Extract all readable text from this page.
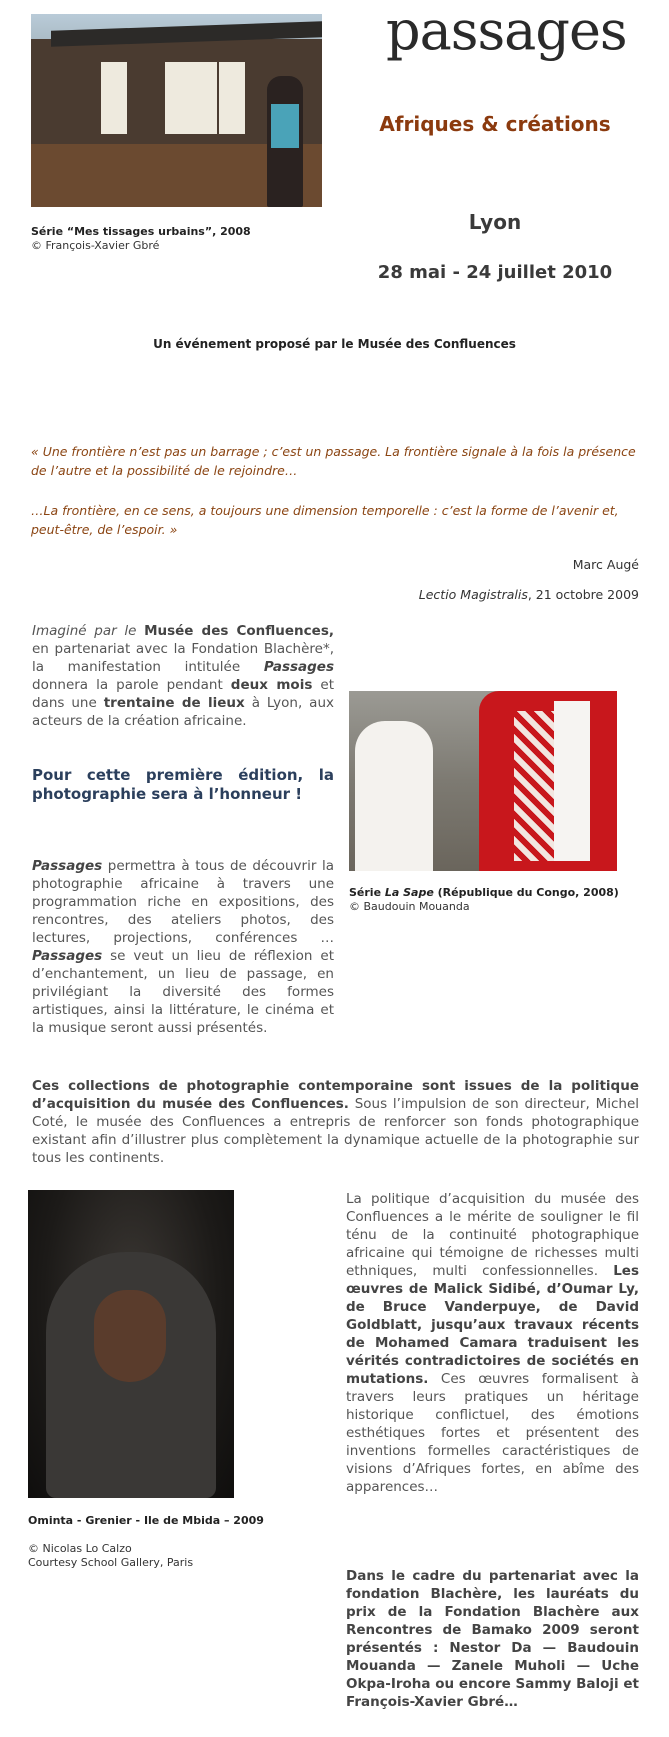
Série “Mes tissages urbains”, 2008
© François-Xavier Gbré
passages
Afriques & créations
Lyon
28 mai - 24 juillet 2010
Un événement proposé par le Musée des Confluences
« Une frontière n’est pas un barrage ; c’est un passage. La frontière signale à la fois la présence de l’autre et la possibilité de le rejoindre…
…La frontière, en ce sens, a toujours une dimension temporelle : c’est la forme de l’avenir et, peut-être, de l’espoir. »
Marc Augé
Lectio Magistralis, 21 octobre 2009
Imaginé par le Musée des Confluences, en partenariat avec la Fondation Blachère*, la manifestation intitulée Passages donnera la parole pendant deux mois et dans une trentaine de lieux à Lyon, aux acteurs de la création africaine.
Pour cette première édition, la photographie sera à l’honneur !
Série La Sape (République du Congo, 2008)
© Baudouin Mouanda
Passages permettra à tous de découvrir la photographie africaine à travers une programmation riche en expositions, des rencontres, des ateliers photos, des lectures, projections, conférences …Passages se veut un lieu de réflexion et d’enchantement, un lieu de passage, en privilégiant la diversité des formes artistiques, ainsi la littérature, le cinéma et la musique seront aussi présentés.
Ces collections de photographie contemporaine sont issues de la politique d’acquisition du musée des Confluences. Sous l’impulsion de son directeur, Michel Coté, le musée des Confluences a entrepris de renforcer son fonds photographique existant afin d’illustrer plus complètement la dynamique actuelle de la photographie sur tous les continents.
Ominta - Grenier - Ile de Mbida – 2009

© Nicolas Lo Calzo
Courtesy School Gallery, Paris
La politique d’acquisition du musée des Confluences a le mérite de souligner le fil ténu de la continuité photographique africaine qui témoigne de richesses multi ethniques, multi confessionnelles. Les œuvres de Malick Sidibé, d’Oumar Ly, de Bruce Vanderpuye, de David Goldblatt, jusqu’aux travaux récents de Mohamed Camara traduisent les vérités contradictoires de sociétés en mutations. Ces œuvres formalisent à travers leurs pratiques un héritage historique conflictuel, des émotions esthétiques fortes et présentent des inventions formelles caractéristiques de visions d’Afriques fortes, en abîme des apparences…
Dans le cadre du partenariat avec la fondation Blachère, les lauréats du prix de la Fondation Blachère aux Rencontres de Bamako 2009 seront présentés : Nestor Da — Baudouin Mouanda — Zanele Muholi — Uche Okpa-Iroha ou encore Sammy Baloji et François-Xavier Gbré…
